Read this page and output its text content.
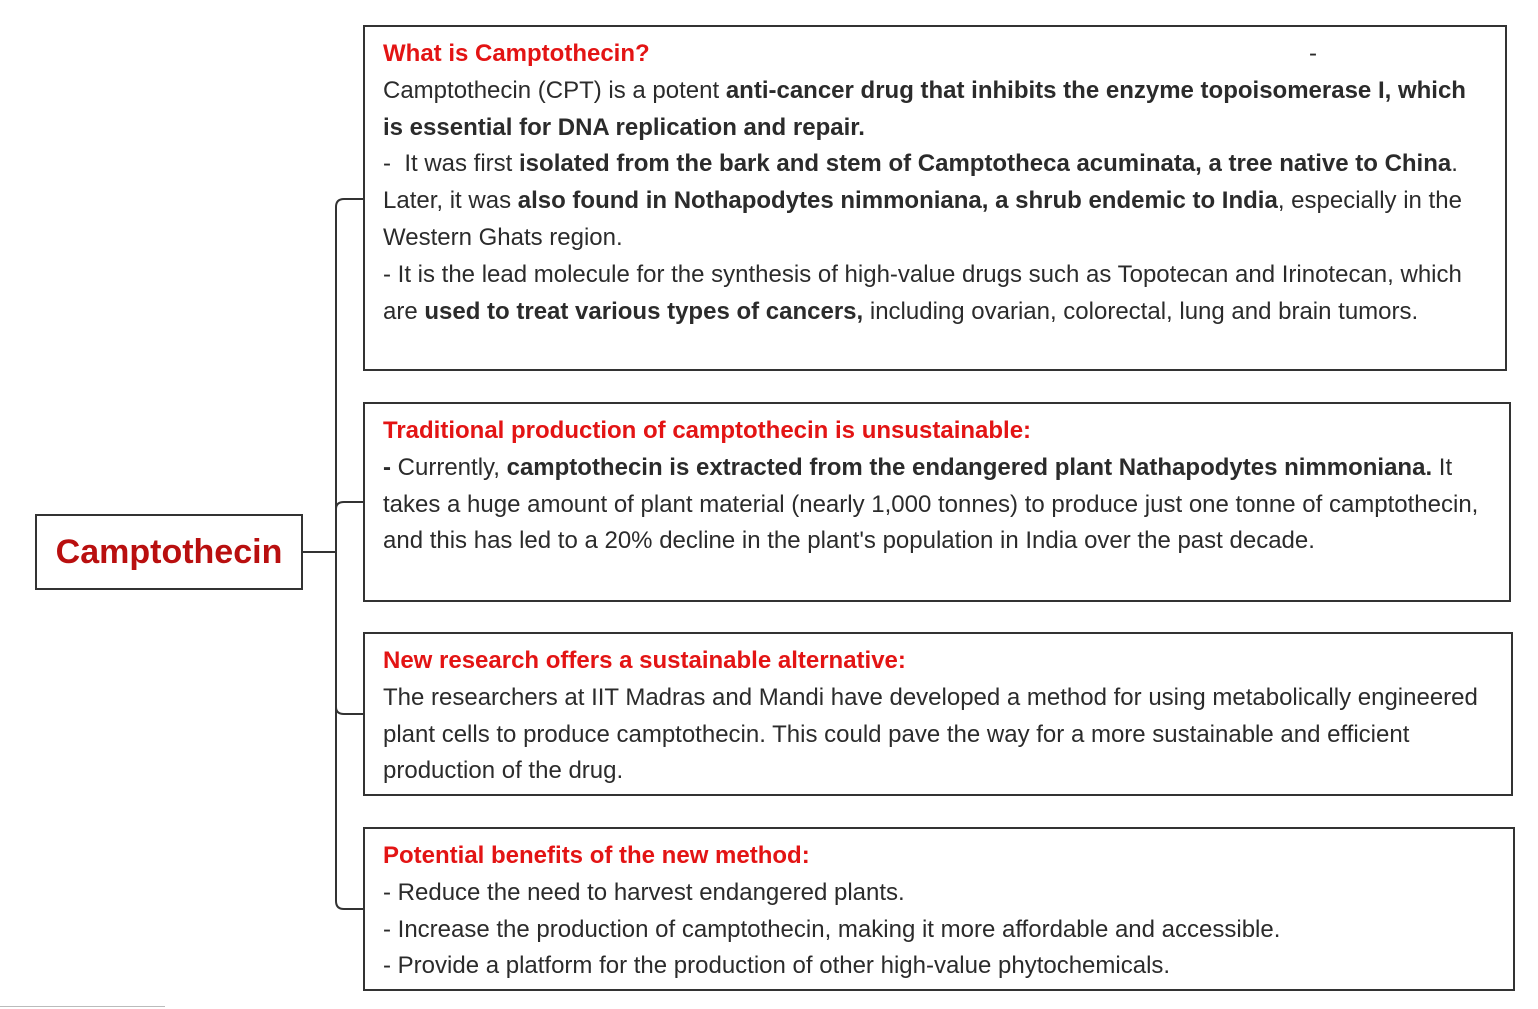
Camptothecin
What is Camptothecin?	-

Camptothecin (CPT) is a potent anti-cancer drug that inhibits the enzyme topoisomerase I, which is essential for DNA replication and repair.

-  It was first isolated from the bark and stem of Camptotheca acuminata, a tree native to China. Later, it was also found in Nothapodytes nimmoniana, a shrub endemic to India, especially in the Western Ghats region.

- It is the lead molecule for the synthesis of high-value drugs such as Topotecan and Irinotecan, which are used to treat various types of cancers, including ovarian, colorectal, lung and brain tumors.

Traditional production of camptothecin is unsustainable:

- Currently, camptothecin is extracted from the endangered plant Nathapodytes nimmoniana. It takes a huge amount of plant material (nearly 1,000 tonnes) to produce just one tonne of camptothecin, and this has led to a 20% decline in the plant's population in India over the past decade.

New research offers a sustainable alternative:

The researchers at IIT Madras and Mandi have developed a method for using metabolically engineered plant cells to produce camptothecin. This could pave the way for a more sustainable and efficient production of the drug.

Potential benefits of the new method:

- Reduce the need to harvest endangered plants.

- Increase the production of camptothecin, making it more affordable and accessible.

- Provide a platform for the production of other high-value phytochemicals.
